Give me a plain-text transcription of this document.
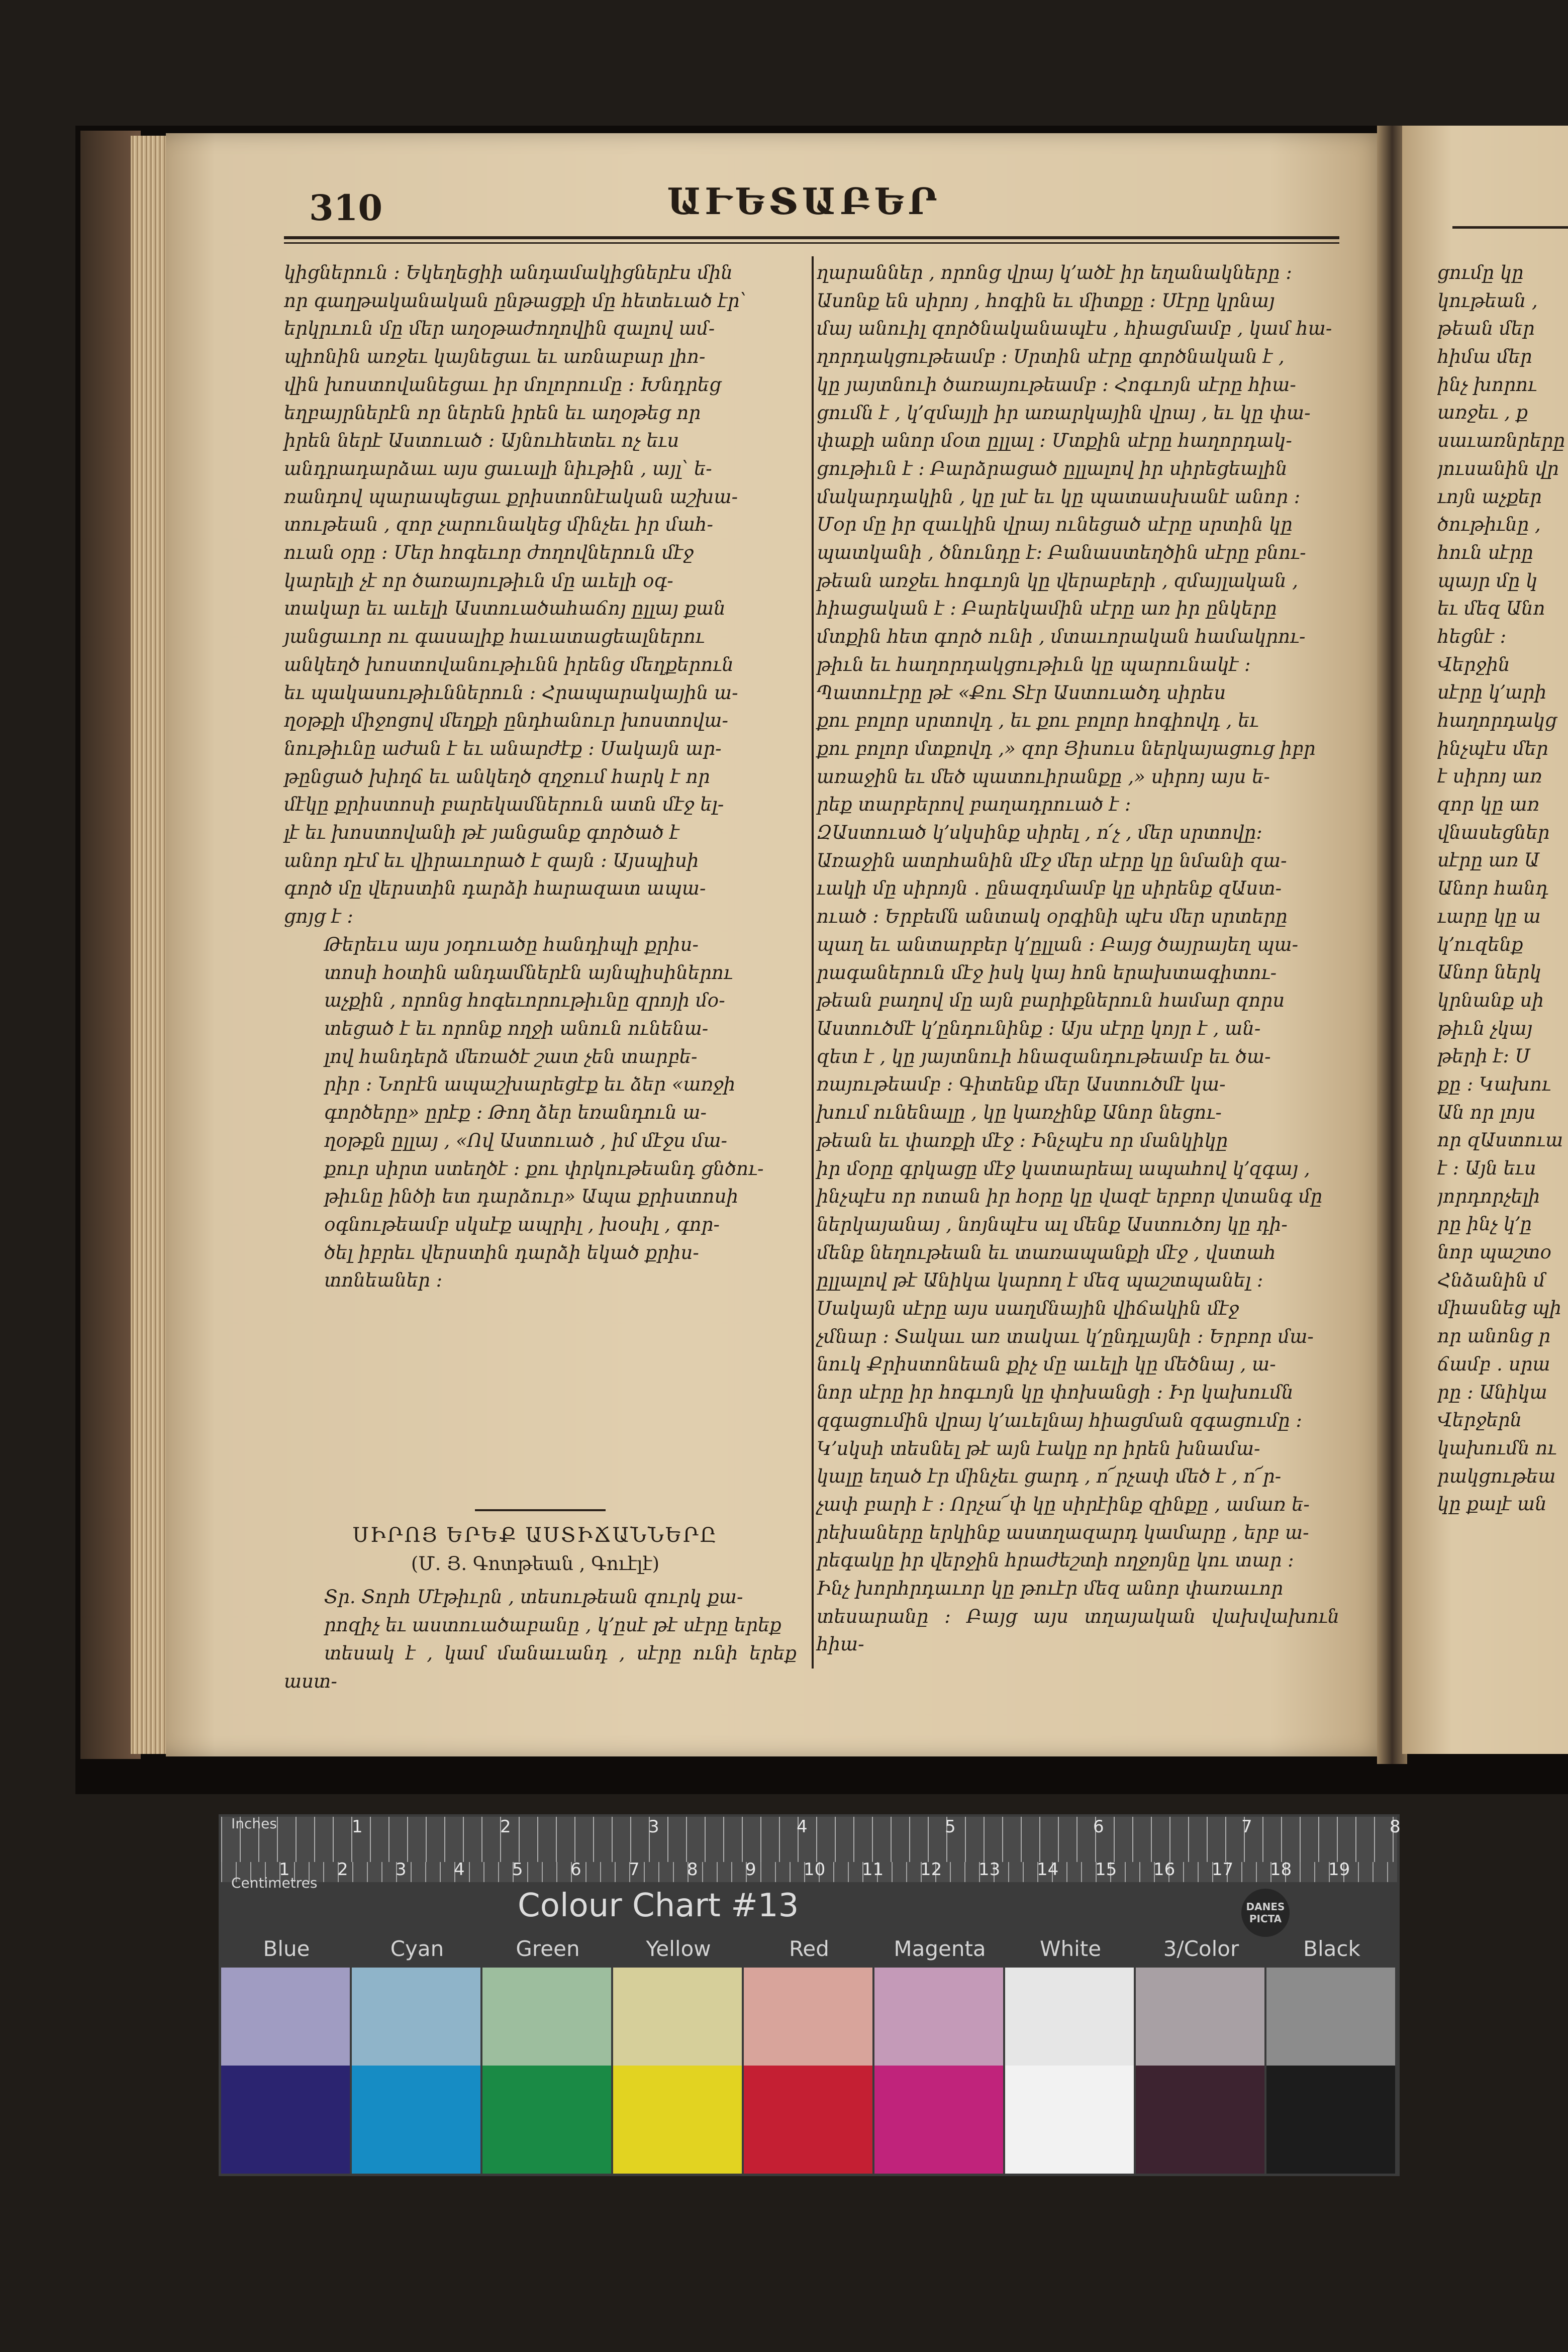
310	ԱՒԵՏԱԲԵՐ
կիցներուն ։ Եկեղեցիի անդամակիցներէս մին
որ գաղթականական ընթացքի մը հետեւած էր՝
երկրւուն մը մեր աղօթաժողովին զալով ամ-
պիոնին առջեւ կայնեցաւ եւ առնաբար լիո-
վին խոստովանեցաւ իր մոլորումը ։ Խնդրեց
եղբայրներէն որ ներեն իրեն եւ աղօթեց որ
իրեն ներէ Աստուած ։ Այնուհետեւ ոչ եւս
անդրադարձաւ այս ցաւալի նիւթին , այլ՝ ե-
ռանդով պարապեցաւ քրիստոնէական աշխա-
տութեան , զոր չարունակեց մինչեւ իր մահ-
ուան օրը ։ Մեր հոգեւոր ժողովներուն մէջ
կարելի չէ որ ծառայութիւն մը աւելի օգ-
տակար եւ աւելի Աստուածահաճոյ ըլլայ քան
յանցաւոր ու գասալիք հաւատացեալներու
անկեղծ խոստովանութիւնն իրենց մեղքերուն
եւ պակասութիւններուն ։ Հրապարակային ա-
ղօթքի միջոցով մեղքի ընդհանուր խոստովա-
նութիւնը աժան է եւ անարժէք ։ Սակայն ար-
թընցած խիղճ եւ անկեղծ զղջում հարկ է որ
մէկը քրիստոսի բարեկամներուն ատն մէջ ել-
լէ եւ խոստովանի թէ յանցանք գործած է
անոր դէմ եւ վիրաւորած է զայն ։ Այսպիսի
գործ մը վերստին դարձի հարազատ ապա-
ցոյց է ։
Թերեւս այս յօդուածը հանդիպի քրիս-
տոսի հօտին անդամներէն այնպիսիներու
աչքին , որոնց հոգեւորութիւնը զրոյի մօ-
տեցած է եւ որոնք ողջի անուն ունենա-
լով հանդերձ մեռածէ շատ չեն տարբե-
րիր ։ Նորէն ապաշխարեցէք եւ ձեր «առջի
գործերը» ըրէք ։ Թող ձեր եռանդուն ա-
ղօթքն ըլլայ , «Ով Աստուած , իմ մէջս մա-
քուր սիրտ ստեղծէ ։ քու փրկութեանդ ցնծու-
թիւնը ինծի ետ դարձուր» Ապա քրիստոսի
օգնութեամբ սկսէք ապրիլ , խօսիլ , գոր-
ծել իբրեւ վերստին դարձի եկած քրիս-
տոնեաներ ։
ՍԻՐՈՅ ԵՐԵՔ ԱՍՏԻՃԱՆՆԵՐԸ
(Մ. Յ. Գոտթեան , Գուէլէ)
Տր. Տորհ Մէթիւրն , տեսութեան զուրկ քա-
րոզիչ եւ աստուածաբանը , կ՚ըսէ թէ սէրը երեք
տեսակ է , կամ մանաւանդ , սէրը ունի երեք աստ-
ղարաններ , որոնց վրայ կ՚ածէ իր եղանակները ։
Ասոնք են սիրոյ , հոգին եւ միտքը ։ Սէրը կրնայ
մայ անուիլ զործնականապէս , հիացմամբ , կամ հա-
ղորդակցութեամբ ։ Սրտին սէրը գործնական է ,
կը յայտնուի ծառայութեամբ ։ Հոգւոյն սէրը հիա-
ցումն է , կ՚զմայլի իր առարկային վրայ , եւ կը փա-
փաքի անոր մօտ ըլլալ ։ Մտքին սէրը հաղորդակ-
ցութիւն է ։ Բարձրացած ըլլալով իր սիրեցեալին
մակարդակին , կը լսէ եւ կը պատասխանէ անոր ։
Մօր մը իր զաւկին վրայ ունեցած սէրը սրտին կը
պատկանի , ծնունդը է։ Բանաստեղծին սէրը բնու-
թեան առջեւ հոգւոյն կը վերաբերի , զմայլական ,
հիացական է ։ Բարեկամին սէրը առ իր ընկերը
մտքին հետ գործ ունի , մտաւորական համակրու-
թիւն եւ հաղորդակցութիւն կը պարունակէ ։
Պատուէրը թէ «Քու Տէր Աստուածդ սիրես
քու բոլոր սրտովդ , եւ քու բոլոր հոգիովդ , եւ
քու բոլոր մտքովդ ,» զոր Յիսուս ներկայացուց իբր
առաջին եւ մեծ պատուիրանքը ,» սիրոյ այս ե-
րեք տարբերով բաղադրուած է ։
ԶԱստուած կ՚սկսինք սիրել , ո՛չ , մեր սրտովը։
Առաջին ատրհանին մէջ մեր սէրը կը նմանի զա-
ւակի մը սիրոյն ․ ընազդմամբ կը սիրենք զԱստ-
ուած ։ Երբեմն անտակ օրգինի պէս մեր սրտերը
պաղ եւ անտարբեր կ՚ըլլան ։ Բայց ծայրայեղ պա-
րագաներուն մէջ իսկ կայ հոն երախտագիտու-
թեան բաղով մը այն բարիքներուն համար զորս
Աստուծմէ կ՚ընդունինք ։ Այս սէրը կոյր է , ան-
զետ է , կը յայտնուի հնազանդութեամբ եւ ծա-
ռայութեամբ ։ Գիտենք մեր Աստուծմէ կա-
խում ունենալը , կը կառչինք Անոր նեցու-
թեան եւ փառքի մէջ ։ Ինչպէս որ մանկիկը
իր մօրը գրկացը մէջ կատարեալ ապահով կ՚զգայ ,
ինչպէս որ ոտան իր հօրը կը վազէ երբոր վտանգ մը
ներկայանայ , նոյնպէս ալ մենք Աստուծոյ կը դի-
մենք նեղութեան եւ տառապանքի մէջ , վստահ
ըլլալով թէ Անիկա կարող է մեզ պաշտպանել ։
Սակայն սէրը այս սաղմնային վիճակին մէջ
չմնար ։ Տակաւ առ տակաւ կ՚ընդլայնի ։ Երբոր մա-
նուկ Քրիստոնեան քիչ մը աւելի կը մեծնայ , ա-
նոր սէրը իր հոգւոյն կը փոխանցի ։ Իր կախումն
զգացումին վրայ կ՚աւելնայ հիացման զգացումը ։
Կ՚սկսի տեսնել թէ այն էակը որ իրեն խնամա-
կալը եղած էր մինչեւ ցարդ , ո՜րչափ մեծ է , ո՜ր-
չափ բարի է ։ Որչա՜փ կը սիրէինք զինքը , ամառ ե-
րեխաները երկինք աստղազարդ կամարը , երբ ա-
րեգակը իր վերջին հրաժեշտի ողջոյնը կու տար ։
Ինչ խորհրդաւոր կը թուէր մեզ անոր փառաւոր
տեսարանը ։ Բայց այս տղայական վախվախուն հիա-
ցումը կը
կութեան ,
թեան մեր
հիմա մեր
ինչ խորու
առջեւ , ք
սաւառնրերը
յուսանին վր
ւոյն աչքեր
ծութիւնը ,
հուն սէրը
պայր մը կ
եւ մեզ Անո
հեցնէ ։
Վերջին
սէրը կ՚արի
հաղորդակց
ինչպէս մեր
է սիրոյ առ
զոր կը առ
վնասեցներ
սէրը առ Ա
Անոր հանդ
ւարը կը ա
կ՚ուզենք
Անոր ներկ
կրնանք սի
թիւն չկայ
թերի է։ Ս
քը ։ Կախու
Ան որ լոյս
որ զԱստուա
է ։ Այն եւս
յորդորչելի
րը ինչ կ՚ը
նոր պաշտօ
Հնձանին մ
միասնեց պի
որ անոնց ր
ճամբ ․ սրա
րը ։ Անիկա
Վերջերն
կախումն ու
րակցութեա
կը քալէ ան
Inches
Centimetres
Colour Chart #13	DANES
PICTA
1	2	3	4	5	6	7	8
1	2	3	4	5	6	7	8	9	10 11 12 13 14 15 16 17 18 19
Blue	Cyan	Green	Yellow	Red	Magenta	White	3/Color	Black
